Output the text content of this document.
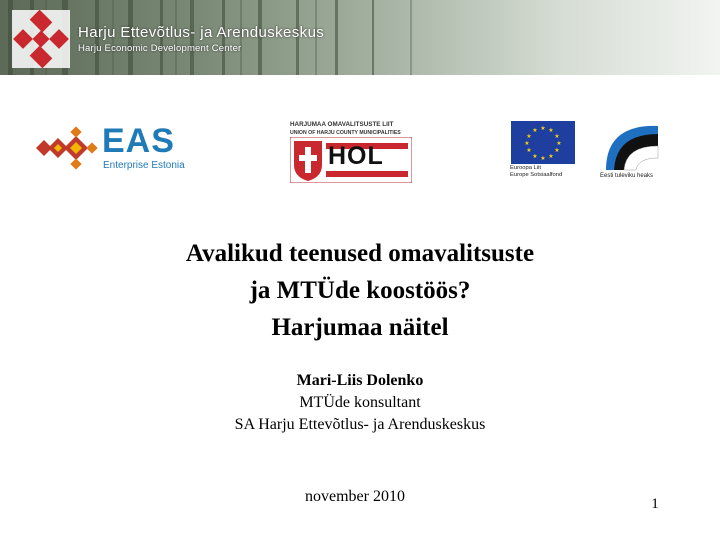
Harju Ettevõtlus- ja Arenduskeskus
Harju Economic Development Center
EAS
Enterprise Estonia
HARJUMAA OMAVALITSUSTE LIIT
UNION OF HARJU COUNTY MUNICIPALITIES
HOL
★ ★
★
★
★
★
★
★
★
★
★
★
Euroopa Liit
Europe Sotsiaalfond	Eesti tuleviku heaks
Avalikud teenused omavalitsuste
ja MTÜde koostöös?
Harjumaa näitel
Mari-Liis Dolenko
MTÜde konsultant
SA Harju Ettevõtlus- ja Arenduskeskus
november 2010	1
